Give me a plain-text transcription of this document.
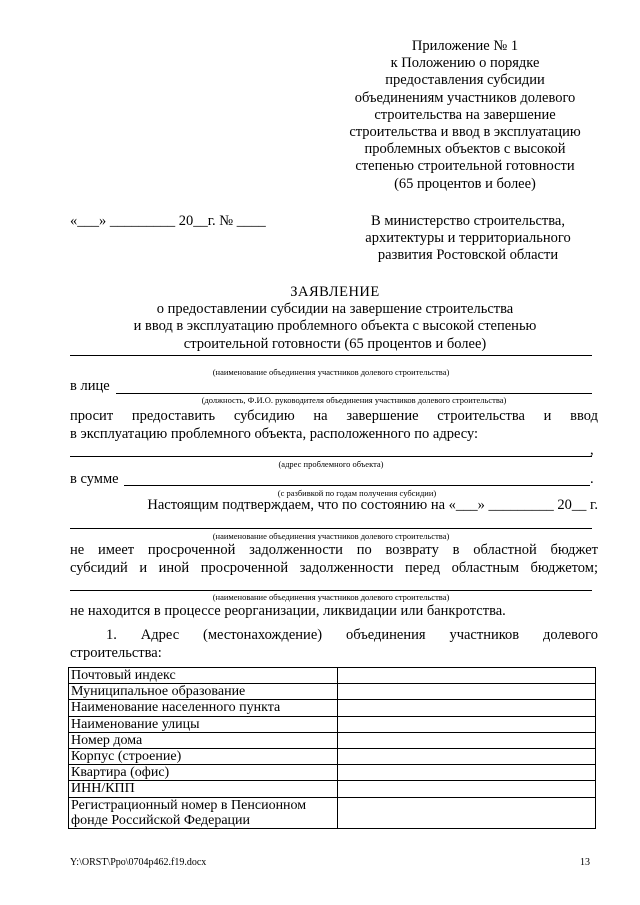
Приложение № 1
к Положению о порядке
предоставления субсидии
объединениям участников долевого
строительства на завершение
строительства и ввод в эксплуатацию
проблемных объектов с высокой
степенью строительной готовности
(65 процентов и более)
«___» _________ 20__г. № ____	В министерство строительства,
архитектуры и территориального
развития Ростовской области
ЗАЯВЛЕНИЕ
о предоставлении субсидии на завершение строительства
и ввод в эксплуатацию проблемного объекта с высокой степенью
строительной готовности (65 процентов и более)
(наименование объединения участников долевого строительства)
в лице
(должность, Ф.И.О. руководителя объединения участников долевого строительства)
просит предоставить субсидию на завершение строительства и ввод
в эксплуатацию проблемного объекта, расположенного по адресу:
,
(адрес проблемного объекта)
в сумме	.
(с разбивкой по годам получения субсидии)
Настоящим подтверждаем, что по состоянию на «___» _________ 20__ г.
(наименование объединения участников долевого строительства)
не имеет просроченной задолженности по возврату в областной бюджет
субсидий и иной просроченной задолженности перед областным бюджетом;
(наименование объединения участников долевого строительства)
не находится в процессе реорганизации, ликвидации или банкротства.
1. Адрес (местонахождение) объединения участников долевого
строительства:
Почтовый индекс	
Муниципальное образование	
Наименование населенного пункта	
Наименование улицы	
Номер дома	
Корпус (строение)	
Квартира (офис)	
ИНН/КПП	

Регистрационный номер в Пенсионном
фонде Российской Федерации	

Y:\ORST\Ppo\0704p462.f19.docx	13
